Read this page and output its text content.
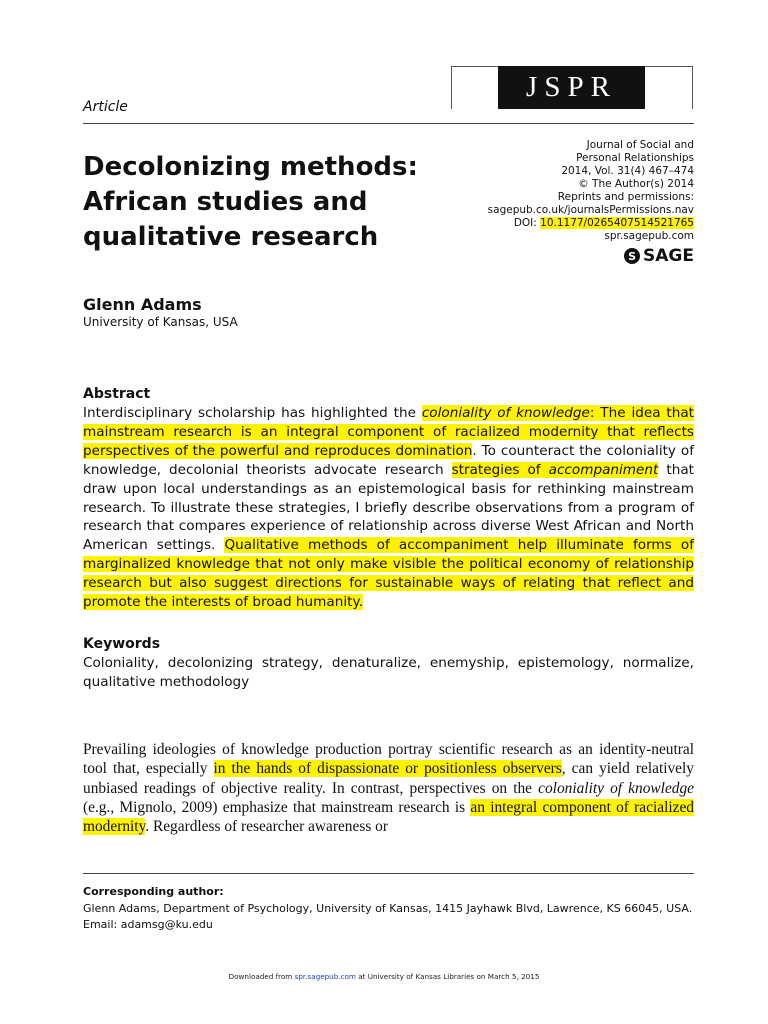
JSPR
Article
Decolonizing methods: African studies and qualitative research
Journal of Social and
Personal Relationships
2014, Vol. 31(4) 467–474
© The Author(s) 2014
Reprints and permissions:
sagepub.co.uk/journalsPermissions.nav
DOI: 10.1177/0265407514521765
spr.sagepub.com
S SAGE
Glenn Adams
University of Kansas, USA
Abstract
Interdisciplinary scholarship has highlighted the coloniality of knowledge: The idea that mainstream research is an integral component of racialized modernity that reflects perspectives of the powerful and reproduces domination. To counteract the coloniality of knowledge, decolonial theorists advocate research strategies of accompaniment that draw upon local understandings as an epistemological basis for rethinking mainstream research. To illustrate these strategies, I briefly describe observations from a program of research that compares experience of relationship across diverse West African and North American settings. Qualitative methods of accompaniment help illuminate forms of marginalized knowledge that not only make visible the political economy of relationship research but also suggest directions for sustainable ways of relating that reflect and promote the interests of broad humanity.
Keywords
Coloniality, decolonizing strategy, denaturalize, enemyship, epistemology, normalize, qualitative methodology
Prevailing ideologies of knowledge production portray scientific research as an identity-neutral tool that, especially in the hands of dispassionate or positionless observers, can yield relatively unbiased readings of objective reality. In contrast, perspectives on the coloniality of knowledge (e.g., Mignolo, 2009) emphasize that mainstream research is an integral component of racialized modernity. Regardless of researcher awareness or
Corresponding author:
Glenn Adams, Department of Psychology, University of Kansas, 1415 Jayhawk Blvd, Lawrence, KS 66045, USA.
Email: adamsg@ku.edu
Downloaded from spr.sagepub.com at University of Kansas Libraries on March 5, 2015
